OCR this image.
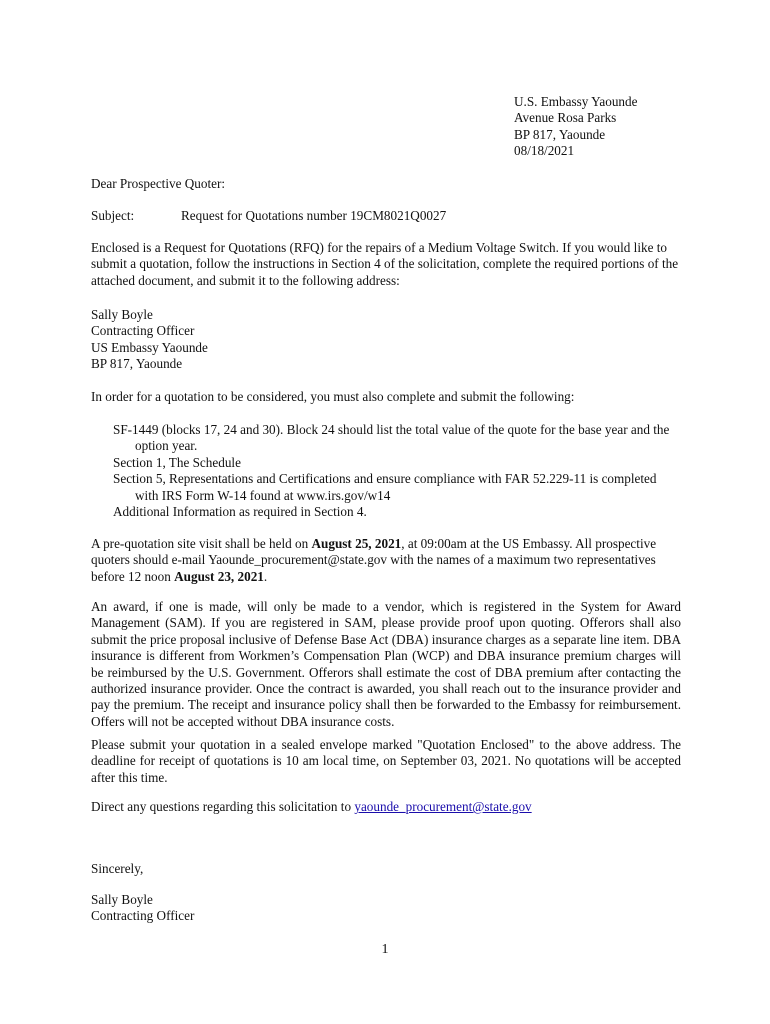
U.S. Embassy Yaounde
Avenue Rosa Parks
BP 817, Yaounde
08/18/2021
Dear Prospective Quoter:
Subject:	Request for Quotations number 19CM8021Q0027
Enclosed is a Request for Quotations (RFQ) for the repairs of a Medium Voltage Switch. If you would like to submit a quotation, follow the instructions in Section 4 of the solicitation, complete the required portions of the attached document, and submit it to the following address:
Sally Boyle
Contracting Officer
US Embassy Yaounde
BP 817, Yaounde
In order for a quotation to be considered, you must also complete and submit the following:
SF-1449 (blocks 17, 24 and 30). Block 24 should list the total value of the quote for the base year and the option year.
Section 1, The Schedule
Section 5, Representations and Certifications and ensure compliance with FAR 52.229-11 is completed with IRS Form W-14 found at www.irs.gov/w14
Additional Information as required in Section 4.
A pre-quotation site visit shall be held on August 25, 2021, at 09:00am at the US Embassy. All prospective quoters should e-mail Yaounde_procurement@state.gov with the names of a maximum two representatives before 12 noon August 23, 2021.
An award, if one is made, will only be made to a vendor, which is registered in the System for Award Management (SAM). If you are registered in SAM, please provide proof upon quoting. Offerors shall also submit the price proposal inclusive of Defense Base Act (DBA) insurance charges as a separate line item. DBA insurance is different from Workmen’s Compensation Plan (WCP) and DBA insurance premium charges will be reimbursed by the U.S. Government. Offerors shall estimate the cost of DBA premium after contacting the authorized insurance provider. Once the contract is awarded, you shall reach out to the insurance provider and pay the premium. The receipt and insurance policy shall then be forwarded to the Embassy for reimbursement. Offers will not be accepted without DBA insurance costs.
Please submit your quotation in a sealed envelope marked "Quotation Enclosed" to the above address. The deadline for receipt of quotations is 10 am local time, on September 03, 2021. No quotations will be accepted after this time.
Direct any questions regarding this solicitation to yaounde_procurement@state.gov
Sincerely,
Sally Boyle
Contracting Officer
1
